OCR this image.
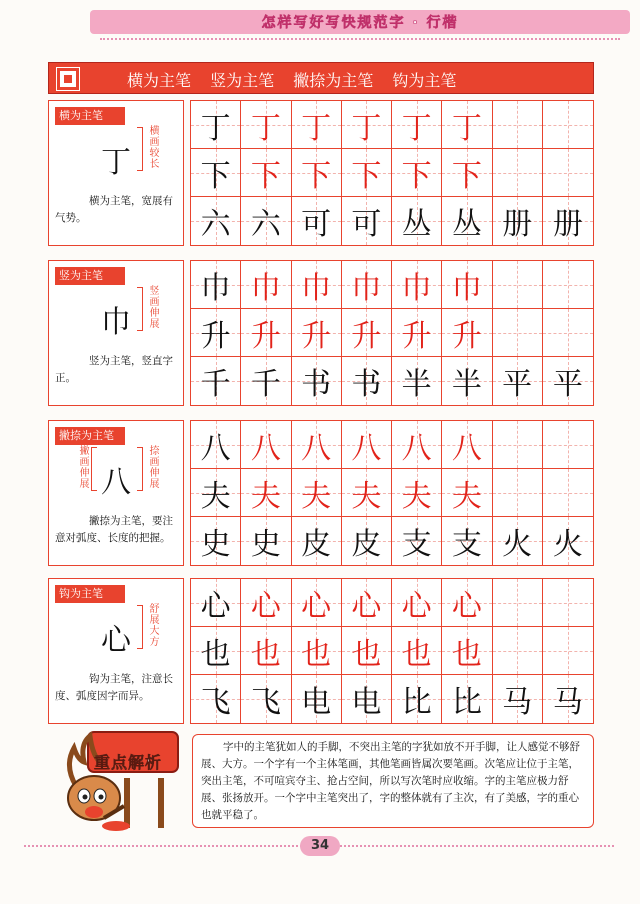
怎样写好写快规范字 · 行楷
横为主笔 竖为主笔 撇捺为主笔 钩为主笔
横为主笔
丁 横画较长
横为主笔，宽展有气势。
丁 丁 丁 丁 丁 丁
下 下 下 下 下 下
六 六 可 可 丛 丛 册 册
竖为主笔
巾 竖画伸展
竖为主笔，竖直字正。
巾 巾 巾 巾 巾 巾
升 升 升 升 升 升
千 千 书 书 半 半 平 平
撇捺为主笔
八
撇画伸展	捺画伸展
撇捺为主笔，要注意对弧度、长度的把握。
八 八 八 八 八 八
夫 夫 夫 夫 夫 夫
史 史 皮 皮 支 支 火 火
钩为主笔
心 舒展大方
钩为主笔，注意长度、弧度因字而异。
心 心 心 心 心 心
也 也 也 也 也 也
飞 飞 电 电 比 比 马 马
重点解析
字中的主笔犹如人的手脚，不突出主笔的字犹如放不开手脚，让人感觉不够舒展、大方。一个字有一个主体笔画，其他笔画皆属次要笔画。次笔应让位于主笔，突出主笔，不可喧宾夺主、抢占空间，所以写次笔时应收缩。字的主笔应极力舒展、张扬放开。一个字中主笔突出了，字的整体就有了主次，有了美感，字的重心也就平稳了。
34
